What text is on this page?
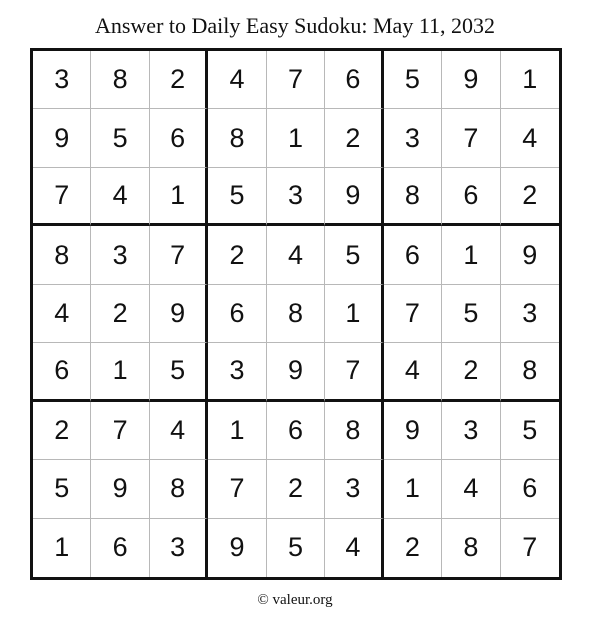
Answer to Daily Easy Sudoku: May 11, 2032
3	8	2	4	7	6	5	9	1
9	5	6	8	1	2	3	7	4
7	4	1	5	3	9	8	6	2
8	3	7	2	4	5	6	1	9
4	2	9	6	8	1	7	5	3
6	1	5	3	9	7	4	2	8
2	7	4	1	6	8	9	3	5
5	9	8	7	2	3	1	4	6
1	6	3	9	5	4	2	8	7
© valeur.org
